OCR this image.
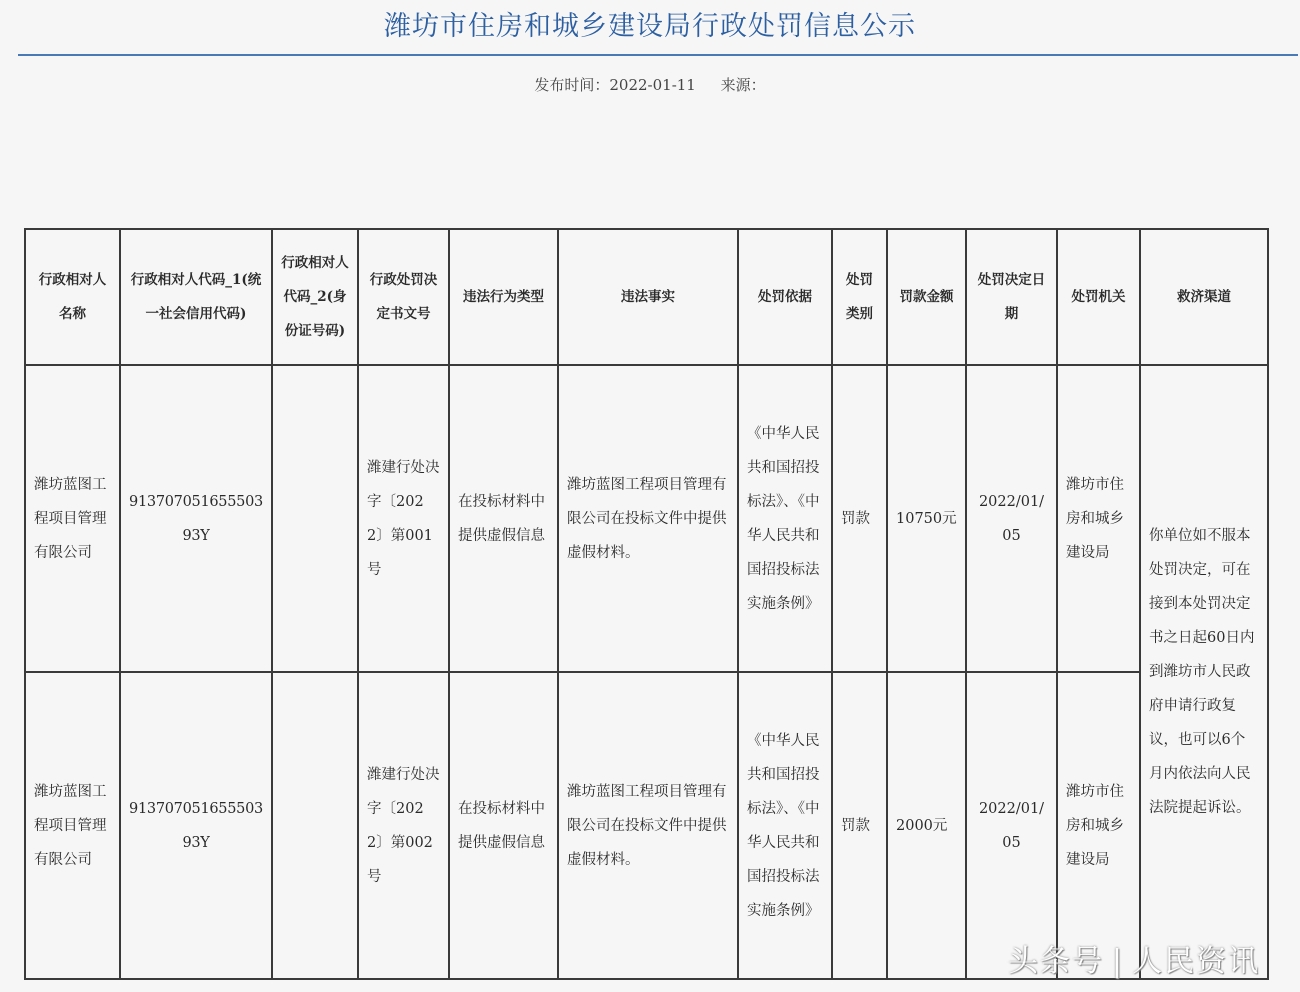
潍坊市住房和城乡建设局行政处罚信息公示
发布时间：2022-01-11 来源：
行政相对人名称	行政相对人代码_1(统一社会信用代码)	行政相对人代码_2(身份证号码)	行政处罚决定书文号	违法行为类型	违法事实	处罚依据	处罚类别	罚款金额	处罚决定日期	处罚机关	救济渠道
潍坊蓝图工程项目管理有限公司	91370705165550393Y		潍建行处决字〔2022〕第001号	在投标材料中提供虚假信息	潍坊蓝图工程项目管理有限公司在投标文件中提供虚假材料。	《中华人民共和国招投标法》、《中华人民共和国招投标法实施条例》	罚款	10750元	2022/01/05	潍坊市住房和城乡建设局	你单位如不服本处罚决定，可在接到本处罚决定书之日起60日内到潍坊市人民政府申请行政复议，也可以6个月内依法向人民法院提起诉讼。
潍坊蓝图工程项目管理有限公司	91370705165550393Y		潍建行处决字〔2022〕第002号	在投标材料中提供虚假信息	潍坊蓝图工程项目管理有限公司在投标文件中提供虚假材料。	《中华人民共和国招投标法》、《中华人民共和国招投标法实施条例》	罚款	2000元	2022/01/05	潍坊市住房和城乡建设局	
头条号 | 人民资讯
